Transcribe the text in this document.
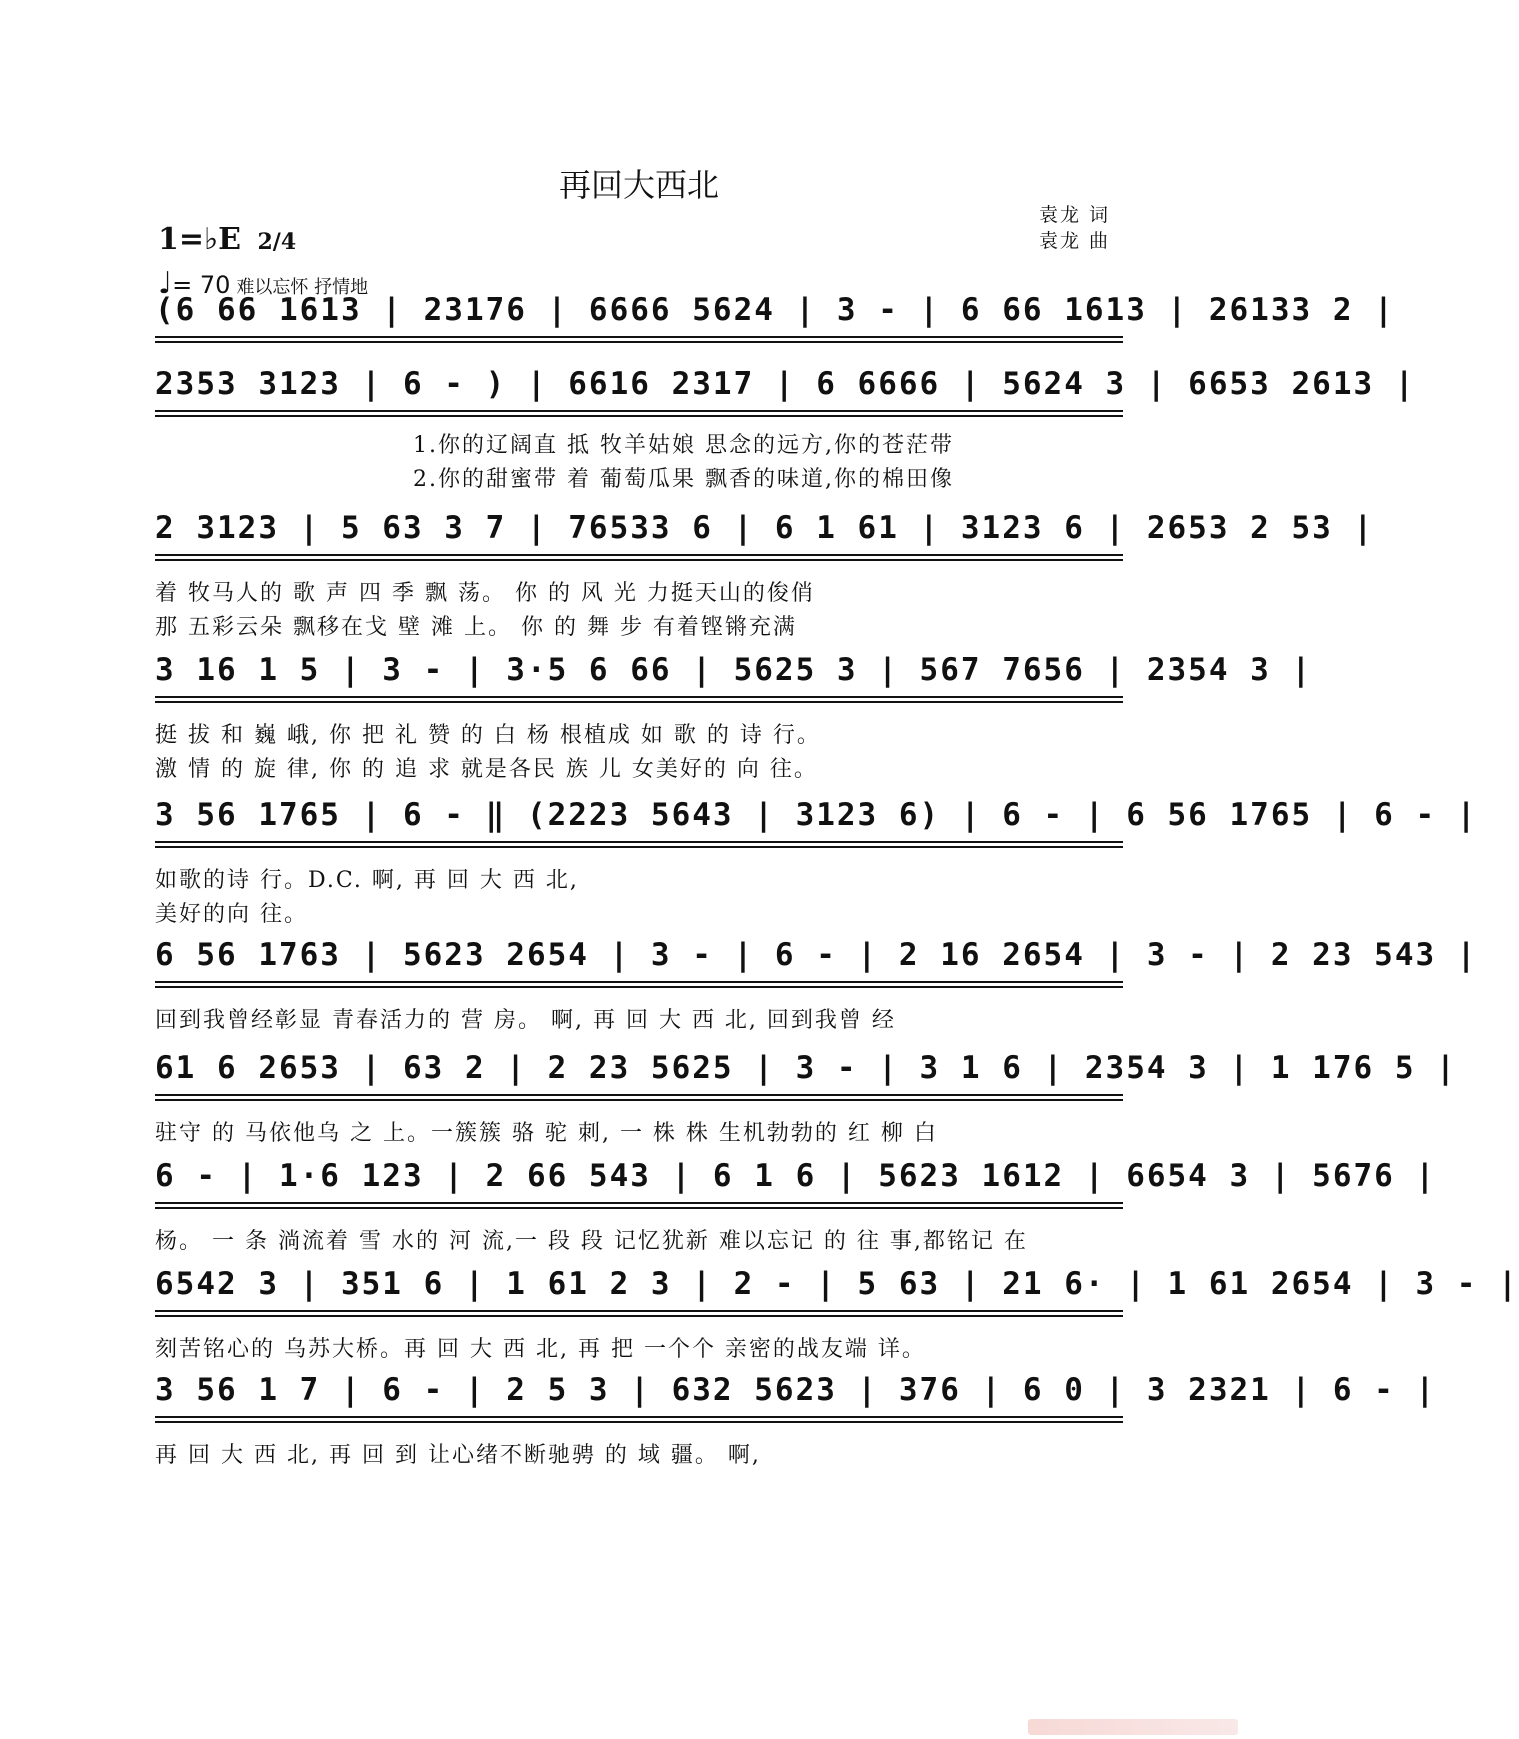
再回大西北
袁龙 词
袁龙 曲
1=♭E 2/4
♩= 70 难以忘怀 抒情地
(6 66 1613 | 23176 | 6666 5624 | 3 - | 6 66 1613 | 26133 2 |
2353 3123 | 6 - ) | 6616 2317 | 6 6666 | 5624 3 | 6653 2613 |
1.你的辽阔直 抵 牧羊姑娘 思念的远方,你的苍茫带
2.你的甜蜜带 着 葡萄瓜果 飘香的味道,你的棉田像
2 3123 | 5 63 3 7 | 76533 6 | 6 1 61 | 3123 6 | 2653 2 53 |
着 牧马人的 歌 声 四 季 飘 荡。 你 的 风 光 力挺天山的俊俏
那 五彩云朵 飘移在戈 壁 滩 上。 你 的 舞 步 有着铿锵充满
3 16 1 5 | 3 - | 3·5 6 66 | 5625 3 | 567 7656 | 2354 3 |
挺 拔 和 巍 峨, 你 把 礼 赞 的 白 杨 根植成 如 歌 的 诗 行。
激 情 的 旋 律, 你 的 追 求 就是各民 族 儿 女美好的 向 往。
3 56 1765 | 6 - ‖ (2223 5643 | 3123 6) | 6 - | 6 56 1765 | 6 - |
如歌的诗 行。D.C. 啊, 再 回 大 西 北,
美好的向 往。
6 56 1763 | 5623 2654 | 3 - | 6 - | 2 16 2654 | 3 - | 2 23 543 |
回到我曾经彰显 青春活力的 营 房。 啊, 再 回 大 西 北, 回到我曾 经
61 6 2653 | 63 2 | 2 23 5625 | 3 - | 3 1 6 | 2354 3 | 1 176 5 |
驻守 的 马依他乌 之 上。一簇簇 骆 驼 刺, 一 株 株 生机勃勃的 红 柳 白
6 - | 1·6 123 | 2 66 543 | 6 1 6 | 5623 1612 | 6654 3 | 5676 |
杨。 一 条 淌流着 雪 水的 河 流,一 段 段 记忆犹新 难以忘记 的 往 事,都铭记 在
6542 3 | 351 6 | 1 61 2 3 | 2 - | 5 63 | 21 6· | 1 61 2654 | 3 - |
刻苦铭心的 乌苏大桥。再 回 大 西 北, 再 把 一个个 亲密的战友端 详。
3 56 1 7 | 6 - | 2 5 3 | 632 5623 | 376 | 6 0 | 3 2321 | 6 - |
再 回 大 西 北, 再 回 到 让心绪不断驰骋 的 域 疆。 啊,
